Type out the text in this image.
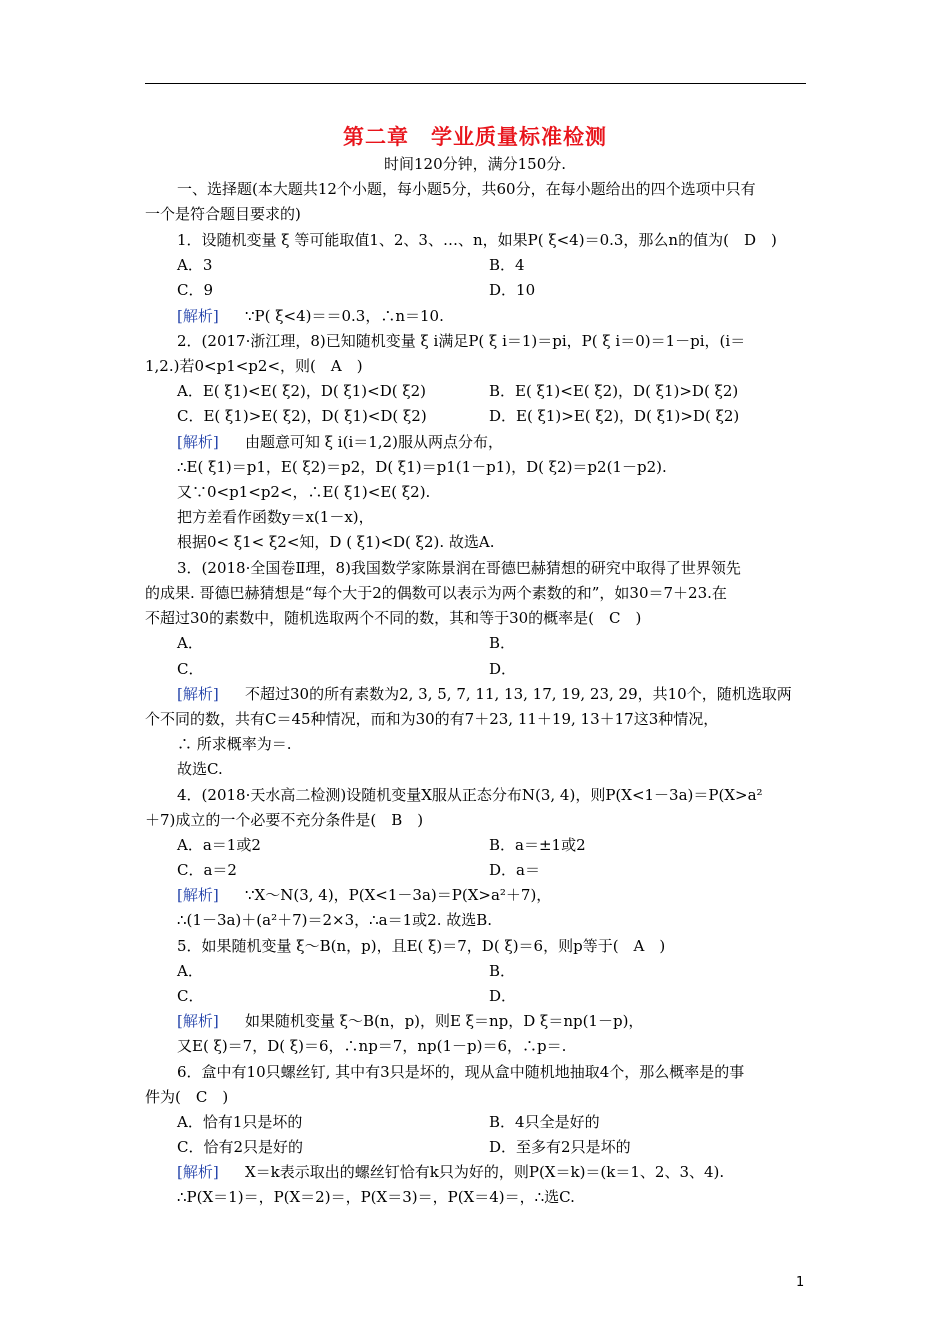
第二章　学业质量标准检测
时间120分钟，满分150分.
一、选择题(本大题共12个小题，每小题5分，共60分，在每小题给出的四个选项中只有
一个是符合题目要求的)
1．设随机变量 ξ 等可能取值1、2、3、…、n，如果P( ξ<4)＝0.3，那么n的值为(　D　)
A．3	B．4
C．9	D．10
[解析] ∵P( ξ<4)＝＝0.3，∴n＝10.
2．(2017·浙江理，8)已知随机变量 ξ i满足P( ξ i＝1)＝pi，P( ξ i＝0)＝1－pi，(i＝
1,2.)若0<p1<p2<，则(　A　)
A．E( ξ1)<E( ξ2)，D( ξ1)<D( ξ2)	B．E( ξ1)<E( ξ2)，D( ξ1)>D( ξ2)
C．E( ξ1)>E( ξ2)，D( ξ1)<D( ξ2)	D．E( ξ1)>E( ξ2)，D( ξ1)>D( ξ2)
[解析] 由题意可知 ξ i(i＝1,2)服从两点分布，
∴E( ξ1)＝p1，E( ξ2)＝p2，D( ξ1)＝p1(1－p1)，D( ξ2)＝p2(1－p2).
又∵0<p1<p2<，∴E( ξ1)<E( ξ2).
把方差看作函数y＝x(1－x)，
根据0< ξ1< ξ2<知，D ( ξ1)<D( ξ2). 故选A.
3．(2018·全国卷Ⅱ理，8)我国数学家陈景润在哥德巴赫猜想的研究中取得了世界领先
的成果. 哥德巴赫猜想是“每个大于2的偶数可以表示为两个素数的和”，如30＝7＋23.在
不超过30的素数中，随机选取两个不同的数，其和等于30的概率是(　C　)
A．	B．
C．	D．
[解析] 不超过30的所有素数为2, 3, 5, 7, 11, 13, 17, 19, 23, 29，共10个，随机选取两
个不同的数，共有C＝45种情况，而和为30的有7＋23, 11＋19, 13＋17这3种情况，
∴ 所求概率为＝.
故选C.
4．(2018·天水高二检测)设随机变量X服从正态分布N(3, 4)，则P(X<1－3a)＝P(X>a²
＋7)成立的一个必要不充分条件是(　B　)
A．a＝1或2	B．a＝±1或2
C．a＝2	D．a＝
[解析] ∵X～N(3, 4)，P(X<1－3a)＝P(X>a²＋7)，
∴(1－3a)＋(a²＋7)＝2×3，∴a＝1或2. 故选B.
5．如果随机变量 ξ～B(n，p)，且E( ξ)＝7，D( ξ)＝6，则p等于(　A　)
A．	B．
C．	D．
[解析] 如果随机变量 ξ～B(n，p)，则E ξ＝np，D ξ＝np(1－p)，
又E( ξ)＝7，D( ξ)＝6，∴np＝7，np(1－p)＝6，∴p＝.
6．盒中有10只螺丝钉, 其中有3只是坏的，现从盒中随机地抽取4个，那么概率是的事
件为(　C　)
A．恰有1只是坏的	B．4只全是好的
C．恰有2只是好的	D．至多有2只是坏的
[解析] X＝k表示取出的螺丝钉恰有k只为好的，则P(X＝k)＝(k＝1、2、3、4).
∴P(X＝1)＝，P(X＝2)＝，P(X＝3)＝，P(X＝4)＝，∴选C.
1
